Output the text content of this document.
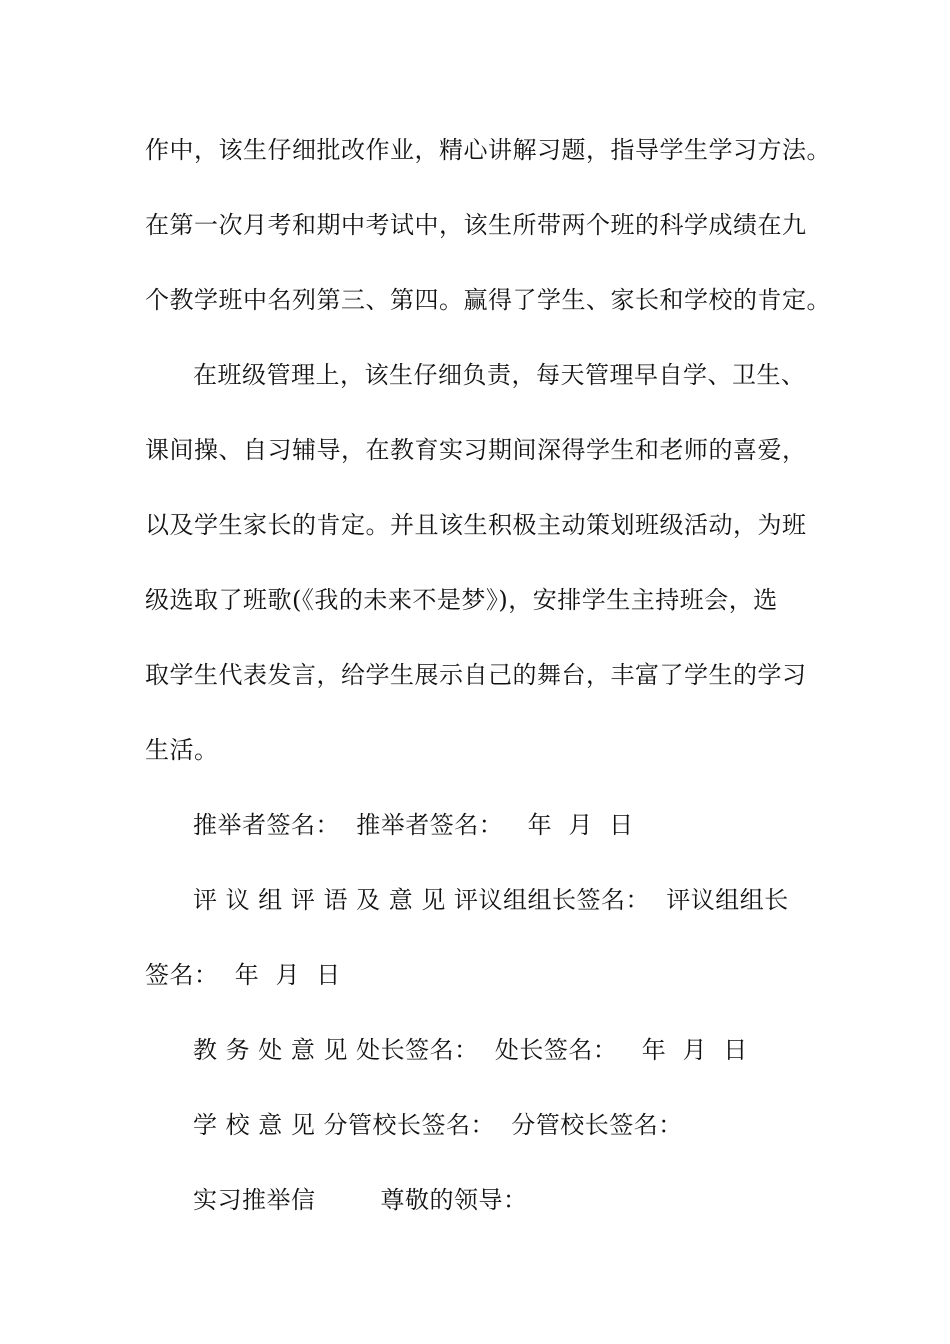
作中，该生仔细批改作业，精心讲解习题，指导学生学习方法。
在第一次月考和期中考试中，该生所带两个班的科学成绩在九
个教学班中名列第三、第四。赢得了学生、家长和学校的肯定。
在班级管理上，该生仔细负责，每天管理早自学、卫生、
课间操、自习辅导，在教育实习期间深得学生和老师的喜爱，
以及学生家长的肯定。并且该生积极主动策划班级活动，为班
级选取了班歌(《我的未来不是梦》)，安排学生主持班会，选
取学生代表发言，给学生展示自己的舞台，丰富了学生的学习
生活。
推举者签名：  推举者签名：   年  月  日
评 议 组 评 语 及 意 见 评议组组长签名：  评议组组长
签名：  年  月  日
教 务 处 意 见 处长签名：  处长签名：   年  月  日
学 校 意 见 分管校长签名：  分管校长签名：
实习推举信        尊敬的领导：
